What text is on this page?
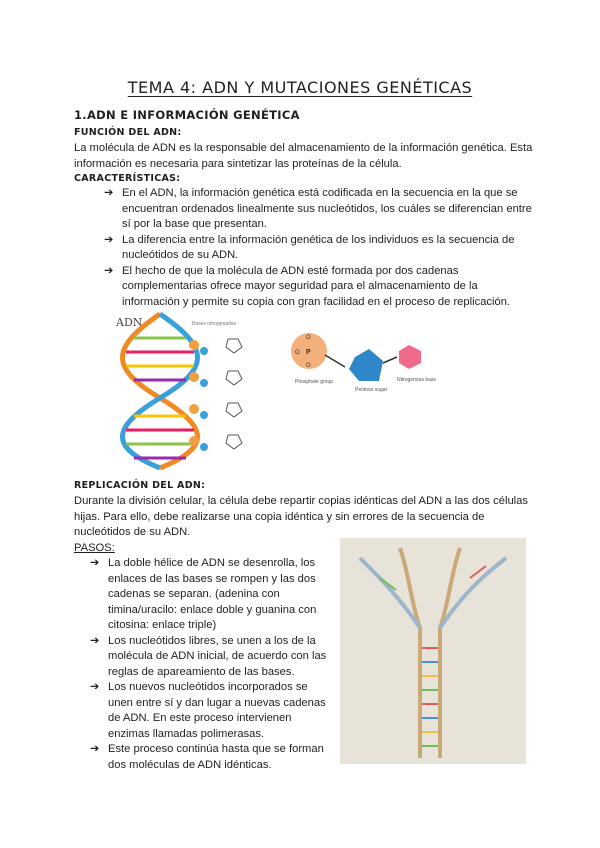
TEMA 4: ADN Y MUTACIONES GENÉTICAS
1.ADN E INFORMACIÓN GENÉTICA
FUNCIÓN DEL ADN:
La molécula de ADN es la responsable del almacenamiento de la información genética. Esta información es necesaria para sintetizar las proteínas de la célula.
CARACTERÍSTICAS:
➔ En el ADN, la información genética está codificada en la secuencia en la que se encuentran ordenados linealmente sus nucleótidos, los cuáles se diferencian entre sí por la base que presentan.
➔ La diferencia entre la información genética de los individuos es la secuencia de nucleótidos de su ADN.
➔ El hecho de que la molécula de ADN esté formada por dos cadenas complementarias ofrece mayor seguridad para el almacenamiento de la información y permite su copia con gran facilidad en el proceso de replicación.
ADN	Bases nitrogenadas
O
P
O
O
Phosphate group
Pentose sugar
Nitrogenous base
REPLICACIÓN DEL ADN:
Durante la división celular, la célula debe repartir copias idénticas del ADN a las dos células hijas. Para ello, debe realizarse una copia idéntica y sin errores de la secuencia de nucleótidos de su ADN.
PASOS:
➔ La doble hélice de ADN se desenrolla, los enlaces de las bases se rompen y las dos cadenas se separan. (adenina con timina/uracilo: enlace doble y guanina con citosina: enlace triple)
➔ Los nucleótidos libres, se unen a los de la molécula de ADN inicial, de acuerdo con las reglas de apareamiento de las bases.
➔ Los nuevos nucleótidos incorporados se unen entre sí y dan lugar a nuevas cadenas de ADN. En este proceso intervienen enzimas llamadas polimerasas.
➔ Este proceso continúa hasta que se forman dos moléculas de ADN idénticas.
